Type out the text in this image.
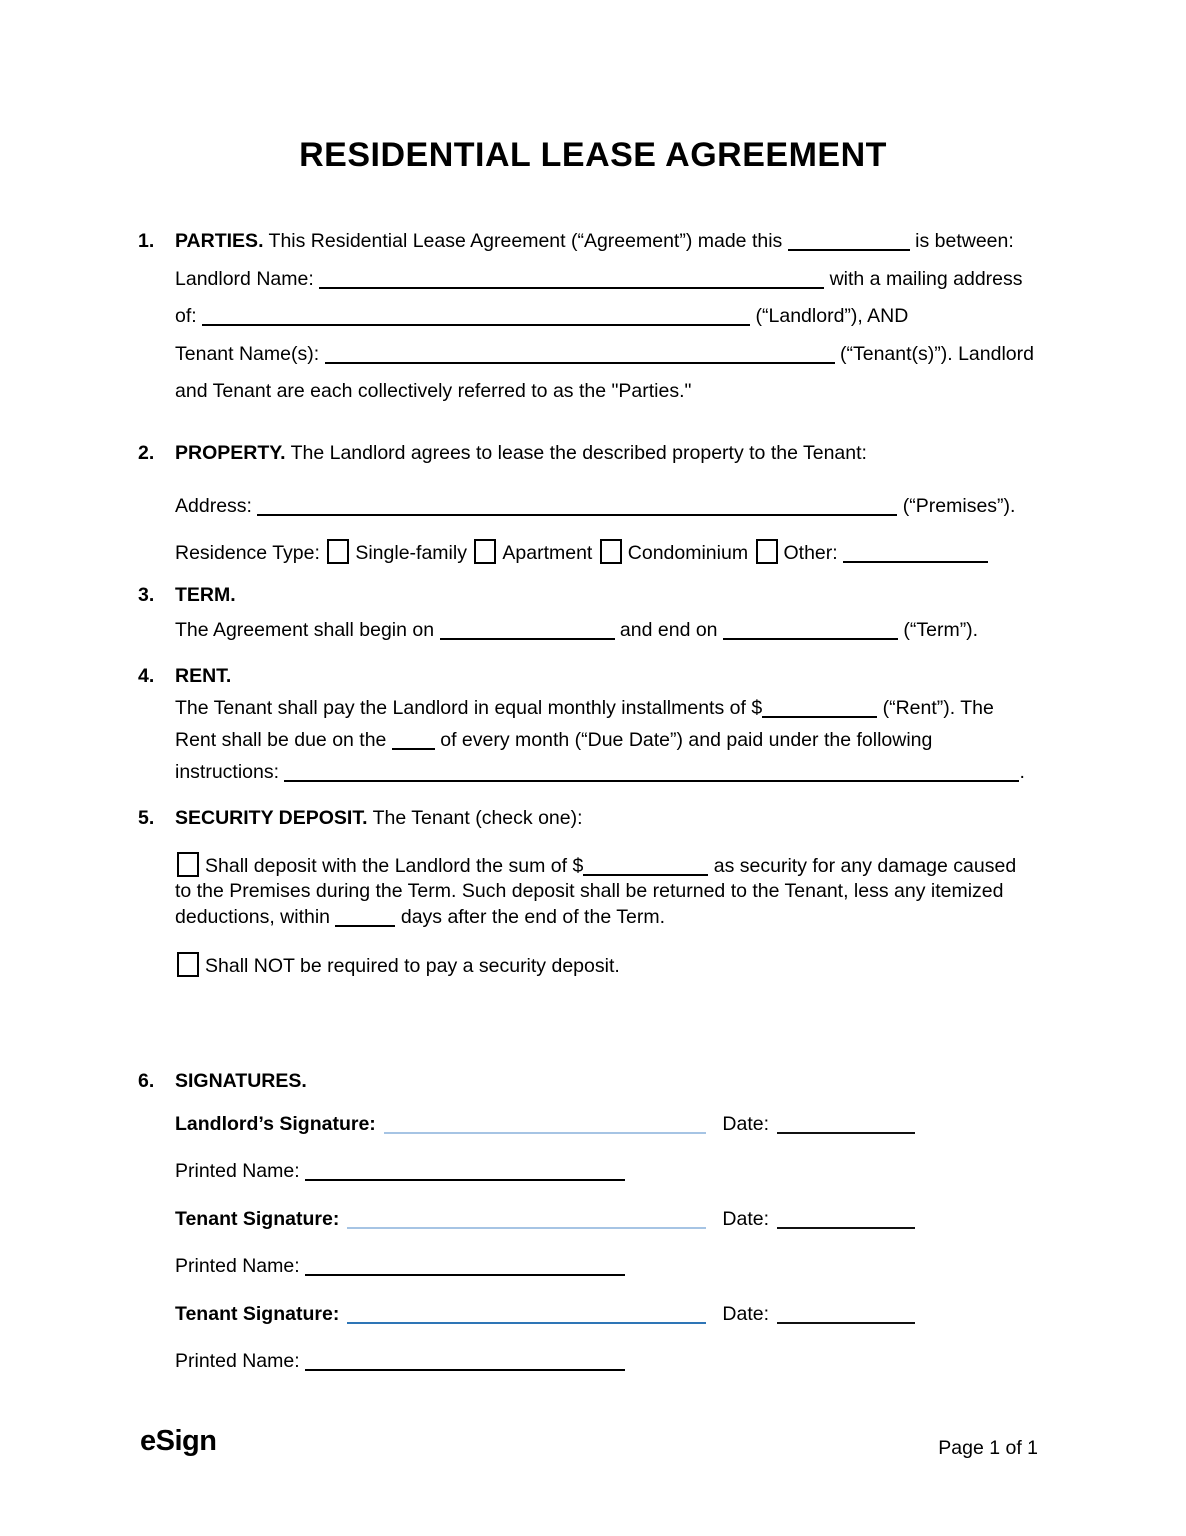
RESIDENTIAL LEASE AGREEMENT
1. PARTIES. This Residential Lease Agreement (“Agreement”) made this	is between:
Landlord Name:	with a mailing address
of:	(“Landlord”), AND
Tenant Name(s):	(“Tenant(s)”). Landlord
and Tenant are each collectively referred to as the "Parties."
2. PROPERTY. The Landlord agrees to lease the described property to the Tenant:
Address:	(“Premises”).
Residence Type: Single-family Apartment Condominium Other:
3. TERM.
The Agreement shall begin on	and end on	(“Term”).
4. RENT.
The Tenant shall pay the Landlord in equal monthly installments of $	(“Rent”). The
Rent shall be due on the  of every month (“Due Date”) and paid under the following
instructions:	.
5. SECURITY DEPOSIT. The Tenant (check one):
Shall deposit with the Landlord the sum of $	as security for any damage caused
to the Premises during the Term. Such deposit shall be returned to the Tenant, less any itemized
deductions, within	days after the end of the Term.
Shall NOT be required to pay a security deposit.
6. SIGNATURES.
Landlord’s Signature:	Date:
Printed Name:
Tenant Signature:	Date:
Printed Name:
Tenant Signature:	Date:
Printed Name:
eSign	Page 1 of 1
